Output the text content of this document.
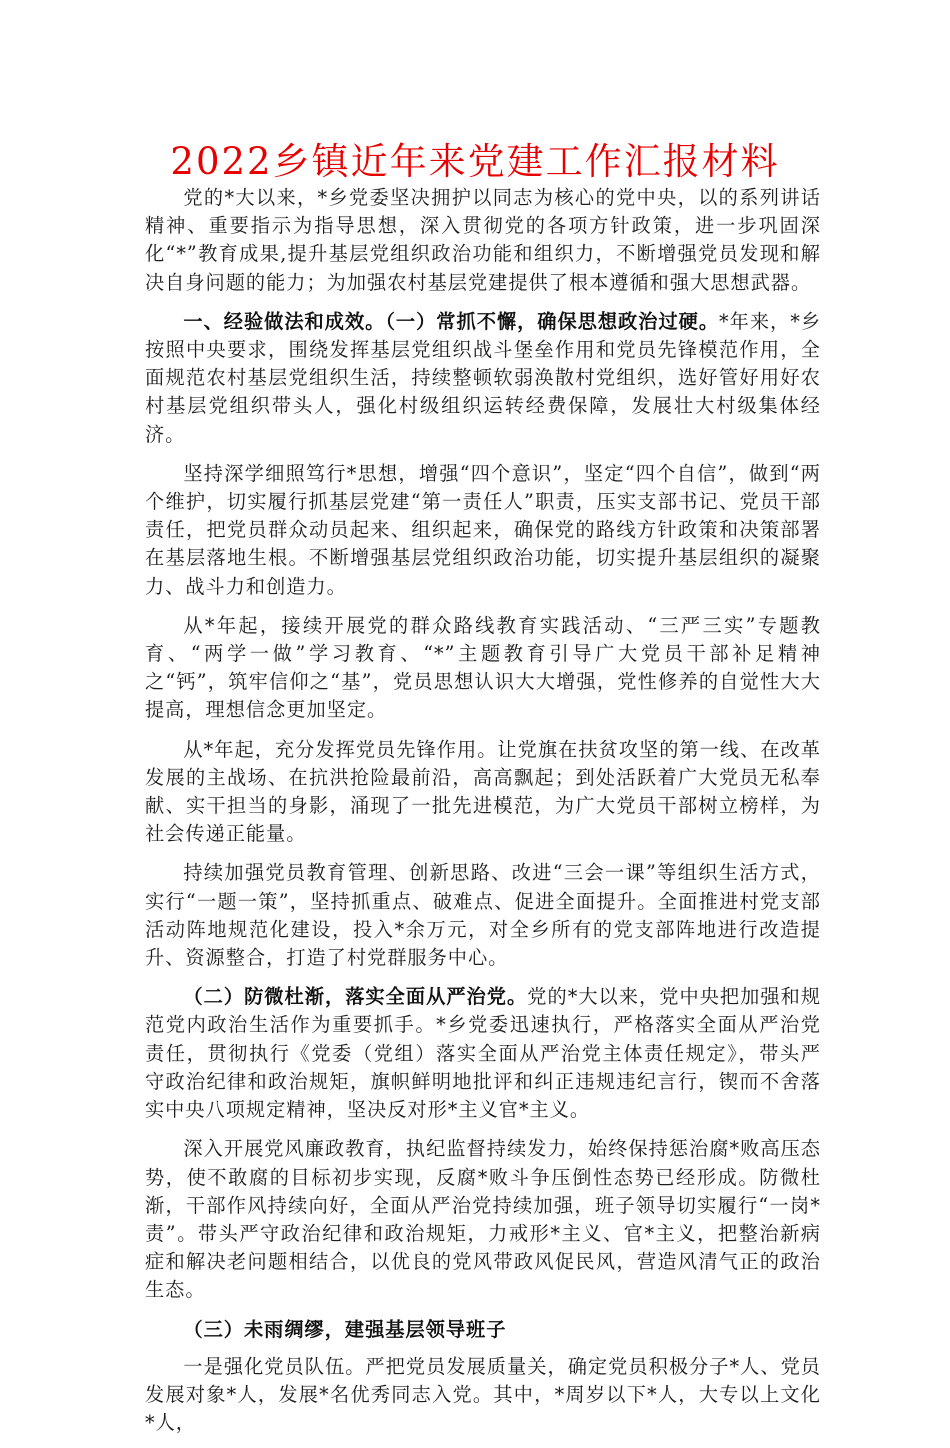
2022乡镇近年来党建工作汇报材料

党的*大以来，*乡党委坚决拥护以同志为核心的党中央，以的系列讲话精神、重要指示为指导思想，深入贯彻党的各项方针政策，进一步巩固深化“*”教育成果,提升基层党组织政治功能和组织力，不断增强党员发现和解决自身问题的能力；为加强农村基层党建提供了根本遵循和强大思想武器。

一、经验做法和成效。（一）常抓不懈，确保思想政治过硬。*年来，*乡按照中央要求，围绕发挥基层党组织战斗堡垒作用和党员先锋模范作用，全面规范农村基层党组织生活，持续整顿软弱涣散村党组织，选好管好用好农村基层党组织带头人，强化村级组织运转经费保障，发展壮大村级集体经济。

坚持深学细照笃行*思想，增强“四个意识”，坚定“四个自信”，做到“两个维护，切实履行抓基层党建“第一责任人”职责，压实支部书记、党员干部责任，把党员群众动员起来、组织起来，确保党的路线方针政策和决策部署在基层落地生根。不断增强基层党组织政治功能，切实提升基层组织的凝聚力、战斗力和创造力。

从*年起，接续开展党的群众路线教育实践活动、“三严三实”专题教育、“两学一做”学习教育、“*”主题教育引导广大党员干部补足精神之“钙”，筑牢信仰之“基”，党员思想认识大大增强，党性修养的自觉性大大提高，理想信念更加坚定。

从*年起，充分发挥党员先锋作用。让党旗在扶贫攻坚的第一线、在改革发展的主战场、在抗洪抢险最前沿，高高飘起；到处活跃着广大党员无私奉献、实干担当的身影，涌现了一批先进模范，为广大党员干部树立榜样，为社会传递正能量。

持续加强党员教育管理、创新思路、改进“三会一课”等组织生活方式，实行“一题一策”，坚持抓重点、破难点、促进全面提升。全面推进村党支部活动阵地规范化建设，投入*余万元，对全乡所有的党支部阵地进行改造提升、资源整合，打造了村党群服务中心。

（二）防微杜渐，落实全面从严治党。党的*大以来，党中央把加强和规范党内政治生活作为重要抓手。*乡党委迅速执行，严格落实全面从严治党责任，贯彻执行《党委（党组）落实全面从严治党主体责任规定》，带头严守政治纪律和政治规矩，旗帜鲜明地批评和纠正违规违纪言行，锲而不舍落实中央八项规定精神，坚决反对形*主义官*主义。

深入开展党风廉政教育，执纪监督持续发力，始终保持惩治腐*败高压态势，使不敢腐的目标初步实现，反腐*败斗争压倒性态势已经形成。防微杜渐，干部作风持续向好，全面从严治党持续加强，班子领导切实履行“一岗*责”。带头严守政治纪律和政治规矩，力戒形*主义、官*主义，把整治新病症和解决老问题相结合，以优良的党风带政风促民风，营造风清气正的政治生态。

（三）未雨绸缪，建强基层领导班子

一是强化党员队伍。严把党员发展质量关，确定党员积极分子*人、党员发展对象*人，发展*名优秀同志入党。其中，*周岁以下*人，大专以上文化*人，
